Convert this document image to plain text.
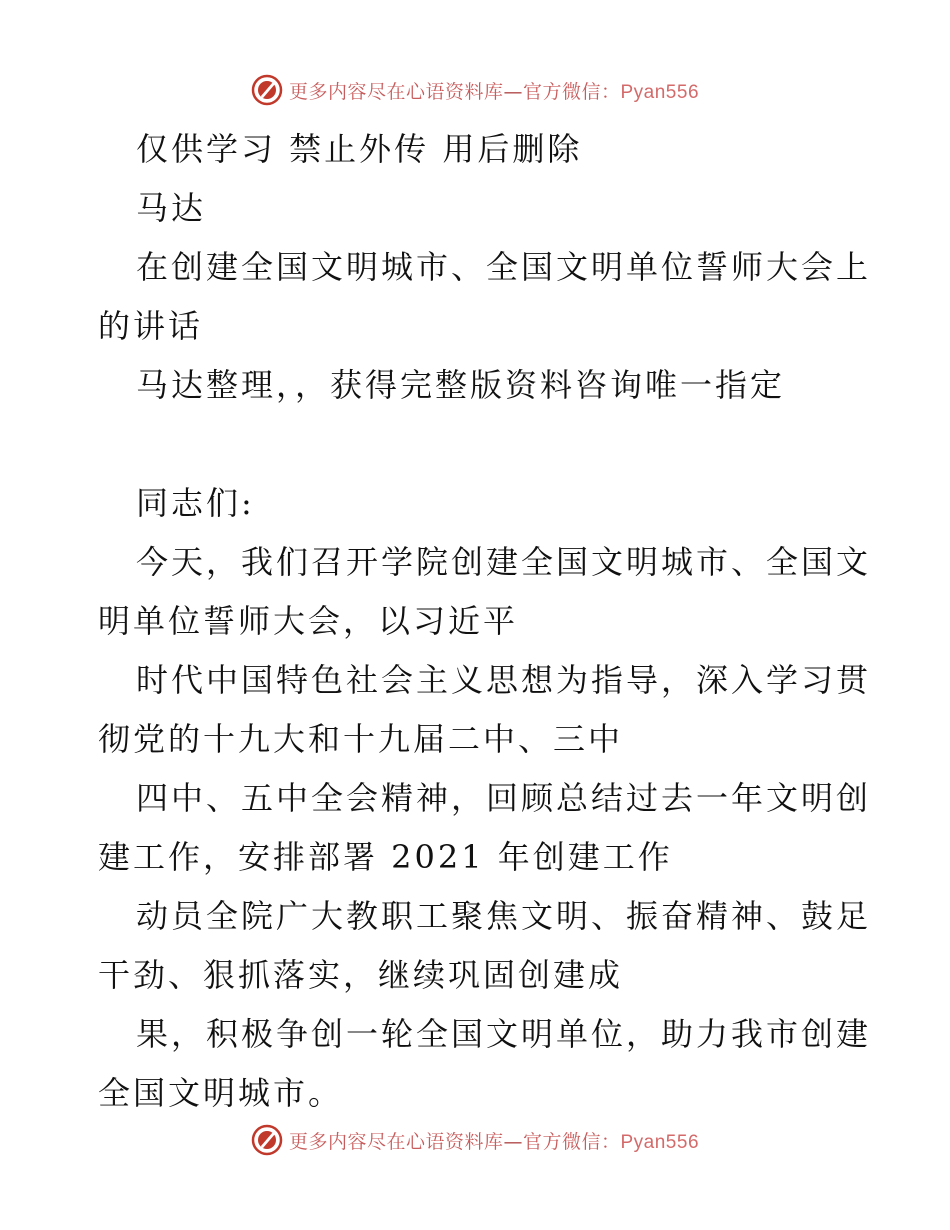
更多内容尽在心语资料库—官方微信：Pyan556

仅供学习 禁止外传 用后删除

马达

在创建全国文明城市、全国文明单位誓师大会上
的讲话

马达整理，，获得完整版资料咨询唯一指定

同志们:

今天，我们召开学院创建全国文明城市、全国文
明单位誓师大会，以习近平

时代中国特色社会主义思想为指导，深入学习贯
彻党的十九大和十九届二中、三中

四中、五中全会精神，回顾总结过去一年文明创
建工作，安排部署 2021 年创建工作

动员全院广大教职工聚焦文明、振奋精神、鼓足
干劲、狠抓落实，继续巩固创建成

果，积极争创一轮全国文明单位，助力我市创建
全国文明城市。

更多内容尽在心语资料库—官方微信：Pyan556
